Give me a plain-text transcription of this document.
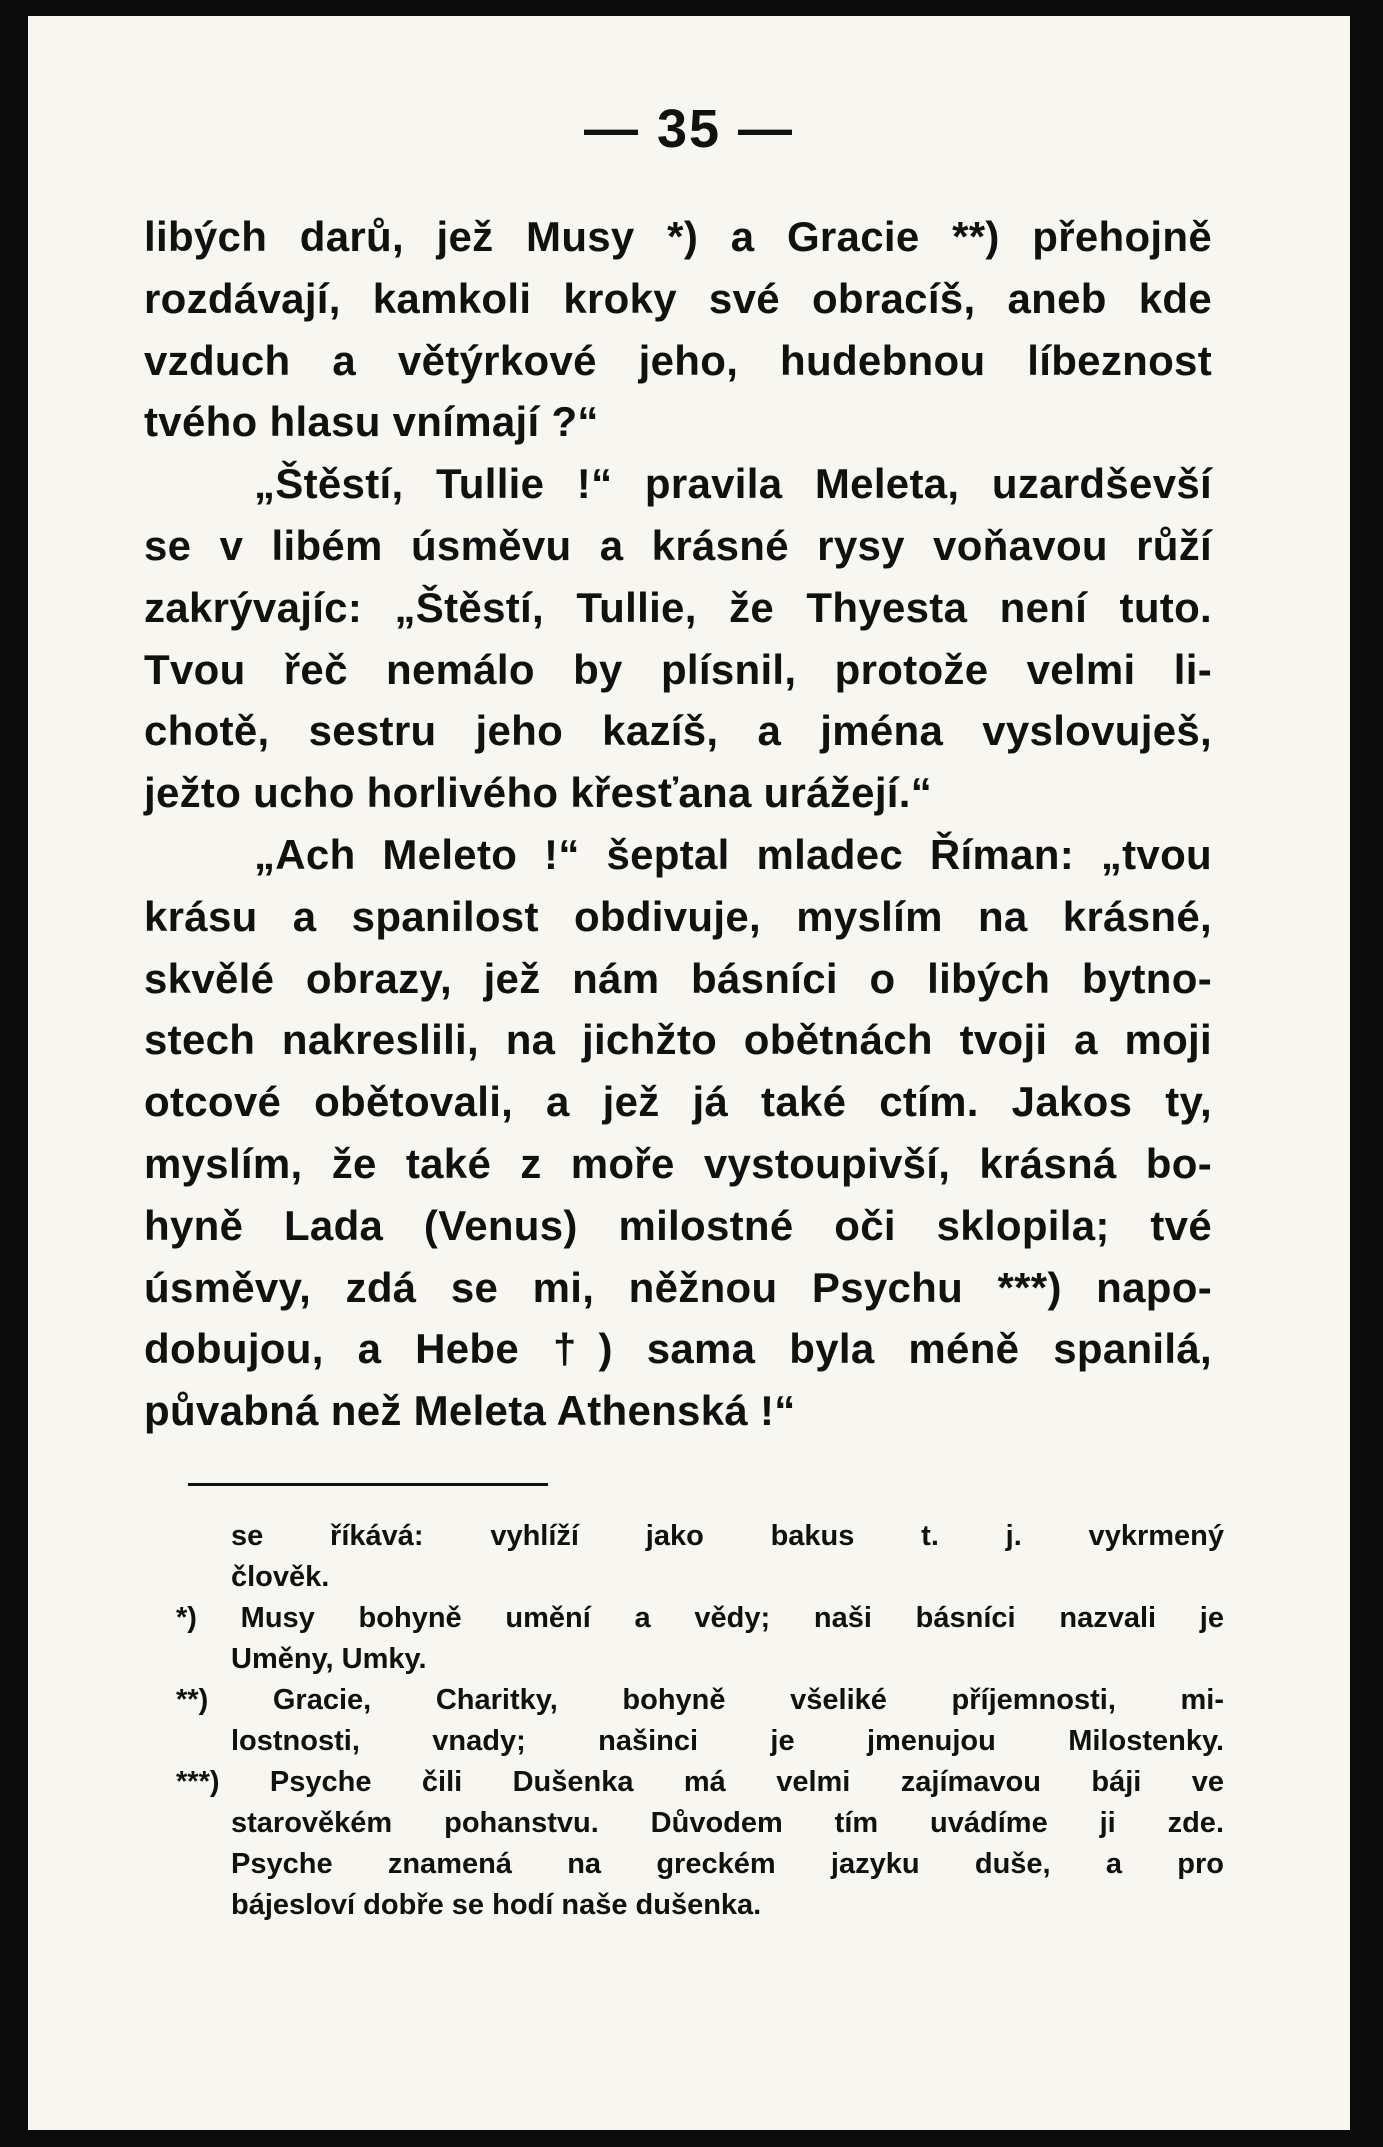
— 35 —
libých darů, jež Musy *) a Gracie **) přehojně
rozdávají, kamkoli kroky své obracíš, aneb kde
vzduch a větýrkové jeho, hudebnou líbeznost
tvého hlasu vnímají ?“
„Štěstí, Tullie !“ pravila Meleta, uzardševší
se v libém úsměvu a krásné rysy voňavou růží
zakrývajíc: „Štěstí, Tullie, že Thyesta není tuto.
Tvou řeč nemálo by plísnil, protože velmi li-
chotě, sestru jeho kazíš, a jména vyslovuješ,
ježto ucho horlivého křesťana urážejí.“
„Ach Meleto !“ šeptal mladec Říman: „tvou
krásu a spanilost obdivuje, myslím na krásné,
skvělé obrazy, jež nám básníci o libých bytno-
stech nakreslili, na jichžto obětnách tvoji a moji
otcové obětovali, a jež já také ctím. Jakos ty,
myslím, že také z moře vystoupivší, krásná bo-
hyně Lada (Venus) milostné oči sklopila; tvé
úsměvy, zdá se mi, něžnou Psychu ***) napo-
dobujou, a Hebe †) sama byla méně spanilá,
půvabná než Meleta Athenská !“
se říkává: vyhlíží jako bakus t. j. vykrmený
člověk.
*) Musy bohyně umění a vědy; naši básníci nazvali je
Uměny, Umky.
**) Gracie, Charitky, bohyně všeliké příjemnosti, mi-
lostnosti, vnady; našinci je jmenujou Milostenky.
***) Psyche čili Dušenka má velmi zajímavou báji ve
starověkém pohanstvu. Důvodem tím uvádíme ji zde.
Psyche znamená na greckém jazyku duše, a pro
bájesloví dobře se hodí naše dušenka.
